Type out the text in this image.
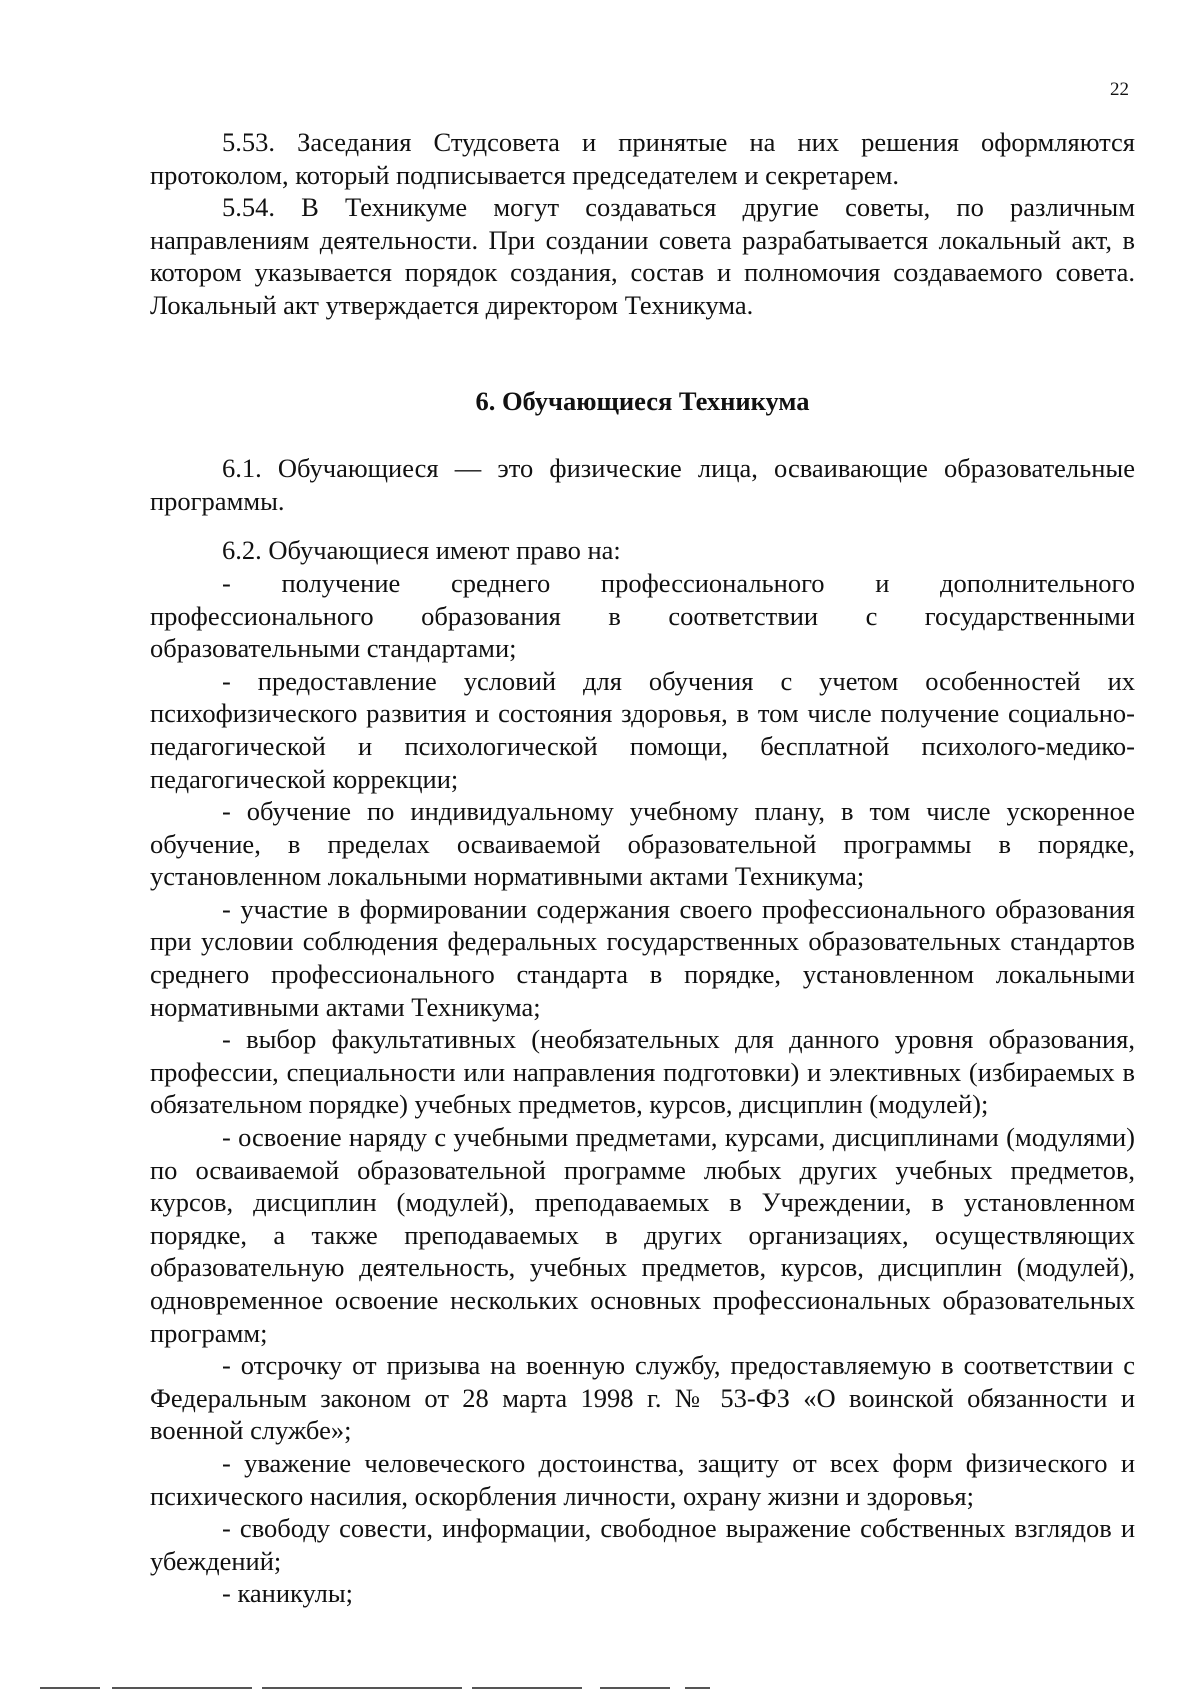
22

5.53. Заседания Студсовета и принятые на них решения оформляются протоколом, который подписывается председателем и секретарем.

5.54. В Техникуме могут создаваться другие советы, по различным направлениям деятельности. При создании совета разрабатывается локальный акт, в котором указывается порядок создания, состав и полномочия создаваемого совета. Локальный акт утверждается директором Техникума.

6. Обучающиеся Техникума

6.1. Обучающиеся — это физические лица, осваивающие образовательные программы.

6.2. Обучающиеся имеют право на:

- получение среднего профессионального и дополнительного профессионального образования в соответствии с государственными образовательными стандартами;

- предоставление условий для обучения с учетом особенностей их психофизического развития и состояния здоровья, в том числе получение социально-педагогической и психологической помощи, бесплатной психолого-медико-педагогической коррекции;

- обучение по индивидуальному учебному плану, в том числе ускоренное обучение, в пределах осваиваемой образовательной программы в порядке, установленном локальными нормативными актами Техникума;

- участие в формировании содержания своего профессионального образования при условии соблюдения федеральных государственных образовательных стандартов среднего профессионального стандарта в порядке, установленном локальными нормативными актами Техникума;

- выбор факультативных (необязательных для данного уровня образования, профессии, специальности или направления подготовки) и элективных (избираемых в обязательном порядке) учебных предметов, курсов, дисциплин (модулей);

- освоение наряду с учебными предметами, курсами, дисциплинами (модулями) по осваиваемой образовательной программе любых других учебных предметов, курсов, дисциплин (модулей), преподаваемых в Учреждении, в установленном порядке, а также преподаваемых в других организациях, осуществляющих образовательную деятельность, учебных предметов, курсов, дисциплин (модулей), одновременное освоение нескольких основных профессиональных образовательных программ;

- отсрочку от призыва на военную службу, предоставляемую в соответствии с Федеральным законом от 28 марта 1998 г. № 53-ФЗ «О воинской обязанности и военной службе»;

- уважение человеческого достоинства, защиту от всех форм физического и психического насилия, оскорбления личности, охрану жизни и здоровья;

- свободу совести, информации, свободное выражение собственных взглядов и убеждений;

- каникулы;
